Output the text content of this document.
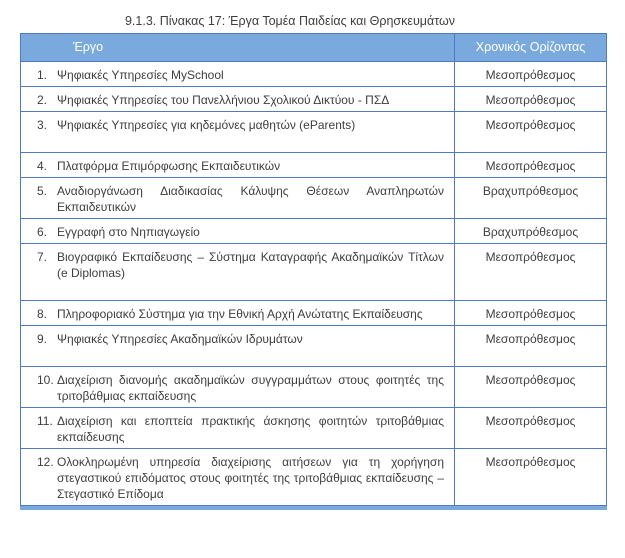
9.1.3. Πίνακας 17: Έργα Τομέα Παιδείας και Θρησκευμάτων
Έργο	Χρονικός Ορίζοντας
1. Ψηφιακές Υπηρεσίες MySchool	Μεσοπρόθεσμος
2. Ψηφιακές Υπηρεσίες του Πανελλήνιου Σχολικού Δικτύου - ΠΣΔ	Μεσοπρόθεσμος
3. Ψηφιακές Υπηρεσίες για κηδεμόνες μαθητών (eParents)	Μεσοπρόθεσμος
4. Πλατφόρμα Επιμόρφωσης Εκπαιδευτικών	Μεσοπρόθεσμος
5. Αναδιοργάνωση Διαδικασίας Κάλυψης Θέσεων Αναπληρωτών Εκπαιδευτικών
Βραχυπρόθεσμος
6. Εγγραφή στο Νηπιαγωγείο	Βραχυπρόθεσμος
7. Βιογραφικό Εκπαίδευσης – Σύστημα Καταγραφής Ακαδημαϊκών Τίτλων (e Diplomas)
Μεσοπρόθεσμος
8. Πληροφοριακό Σύστημα για την Εθνική Αρχή Ανώτατης Εκπαίδευσης	Μεσοπρόθεσμος
9. Ψηφιακές Υπηρεσίες Ακαδημαϊκών Ιδρυμάτων	Μεσοπρόθεσμος
10. Διαχείριση διανομής ακαδημαϊκών συγγραμμάτων στους φοιτητές της τριτοβάθμιας εκπαίδευσης
Μεσοπρόθεσμος
11. Διαχείριση και εποπτεία πρακτικής άσκησης φοιτητών τριτοβάθμιας εκπαίδευσης
Μεσοπρόθεσμος
12. Ολοκληρωμένη υπηρεσία διαχείρισης αιτήσεων για τη χορήγηση στεγαστικού επιδόματος στους φοιτητές της τριτοβάθμιας εκπαίδευσης – Στεγαστικό Επίδομα
Μεσοπρόθεσμος
